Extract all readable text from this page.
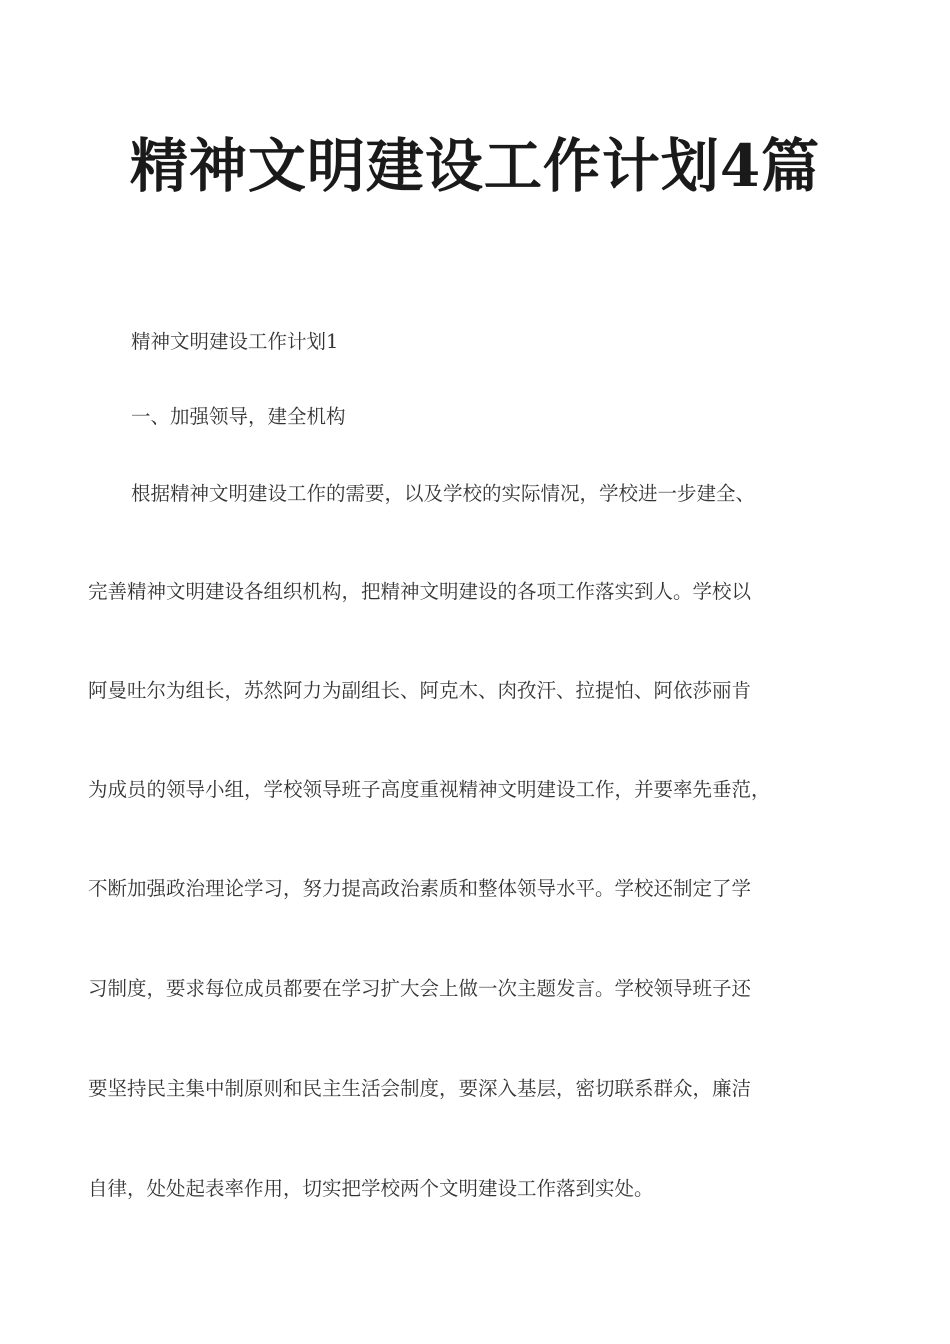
精神文明建设工作计划4篇

精神文明建设工作计划1

一、加强领导，建全机构

根据精神文明建设工作的需要，以及学校的实际情况，学校进一步建全、

完善精神文明建设各组织机构，把精神文明建设的各项工作落实到人。学校以

阿曼吐尔为组长，苏然阿力为副组长、阿克木、肉孜汗、拉提怕、阿依莎丽肯

为成员的领导小组，学校领导班子高度重视精神文明建设工作，并要率先垂范，

不断加强政治理论学习，努力提高政治素质和整体领导水平。学校还制定了学

习制度，要求每位成员都要在学习扩大会上做一次主题发言。学校领导班子还

要坚持民主集中制原则和民主生活会制度，要深入基层，密切联系群众，廉洁

自律，处处起表率作用，切实把学校两个文明建设工作落到实处。
